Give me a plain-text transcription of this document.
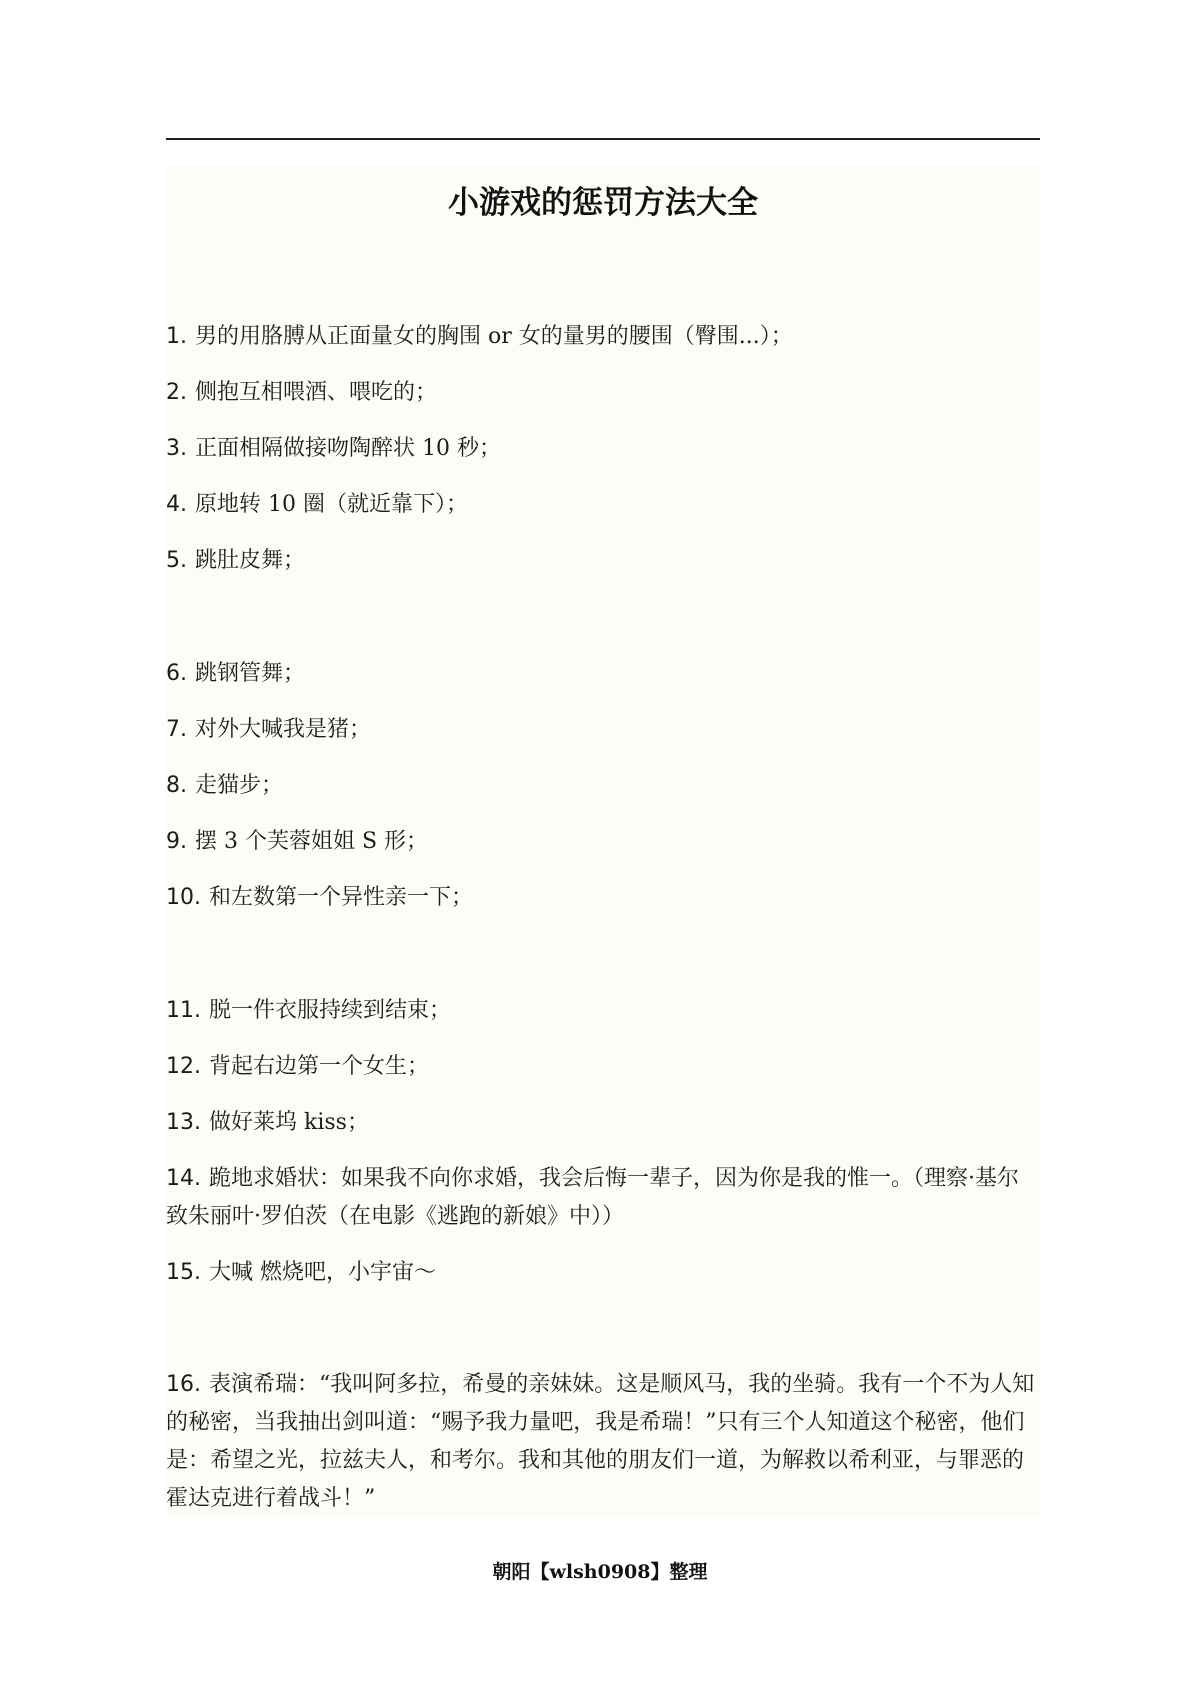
小游戏的惩罚方法大全

1. 男的用胳膊从正面量女的胸围 or 女的量男的腰围（臀围...）；

2. 侧抱互相喂酒、喂吃的；

3. 正面相隔做接吻陶醉状 10 秒；

4. 原地转 10 圈（就近靠下）；

5. 跳肚皮舞；

6. 跳钢管舞；

7. 对外大喊我是猪；

8. 走猫步；

9. 摆 3 个芙蓉姐姐 S 形；

10. 和左数第一个异性亲一下；

11. 脱一件衣服持续到结束；

12. 背起右边第一个女生；

13. 做好莱坞 kiss；

14. 跪地求婚状：如果我不向你求婚，我会后悔一辈子，因为你是我的惟一。（理察·基尔致朱丽叶·罗伯茨（在电影《逃跑的新娘》中））

15. 大喊 燃烧吧，小宇宙～

16. 表演希瑞：“我叫阿多拉，希曼的亲妹妹。这是顺风马，我的坐骑。我有一个不为人知的秘密，当我抽出剑叫道：“赐予我力量吧，我是希瑞！”只有三个人知道这个秘密，他们是：希望之光，拉兹夫人，和考尔。我和其他的朋友们一道，为解救以希利亚，与罪恶的霍达克进行着战斗！”

朝阳【wlsh0908】整理
